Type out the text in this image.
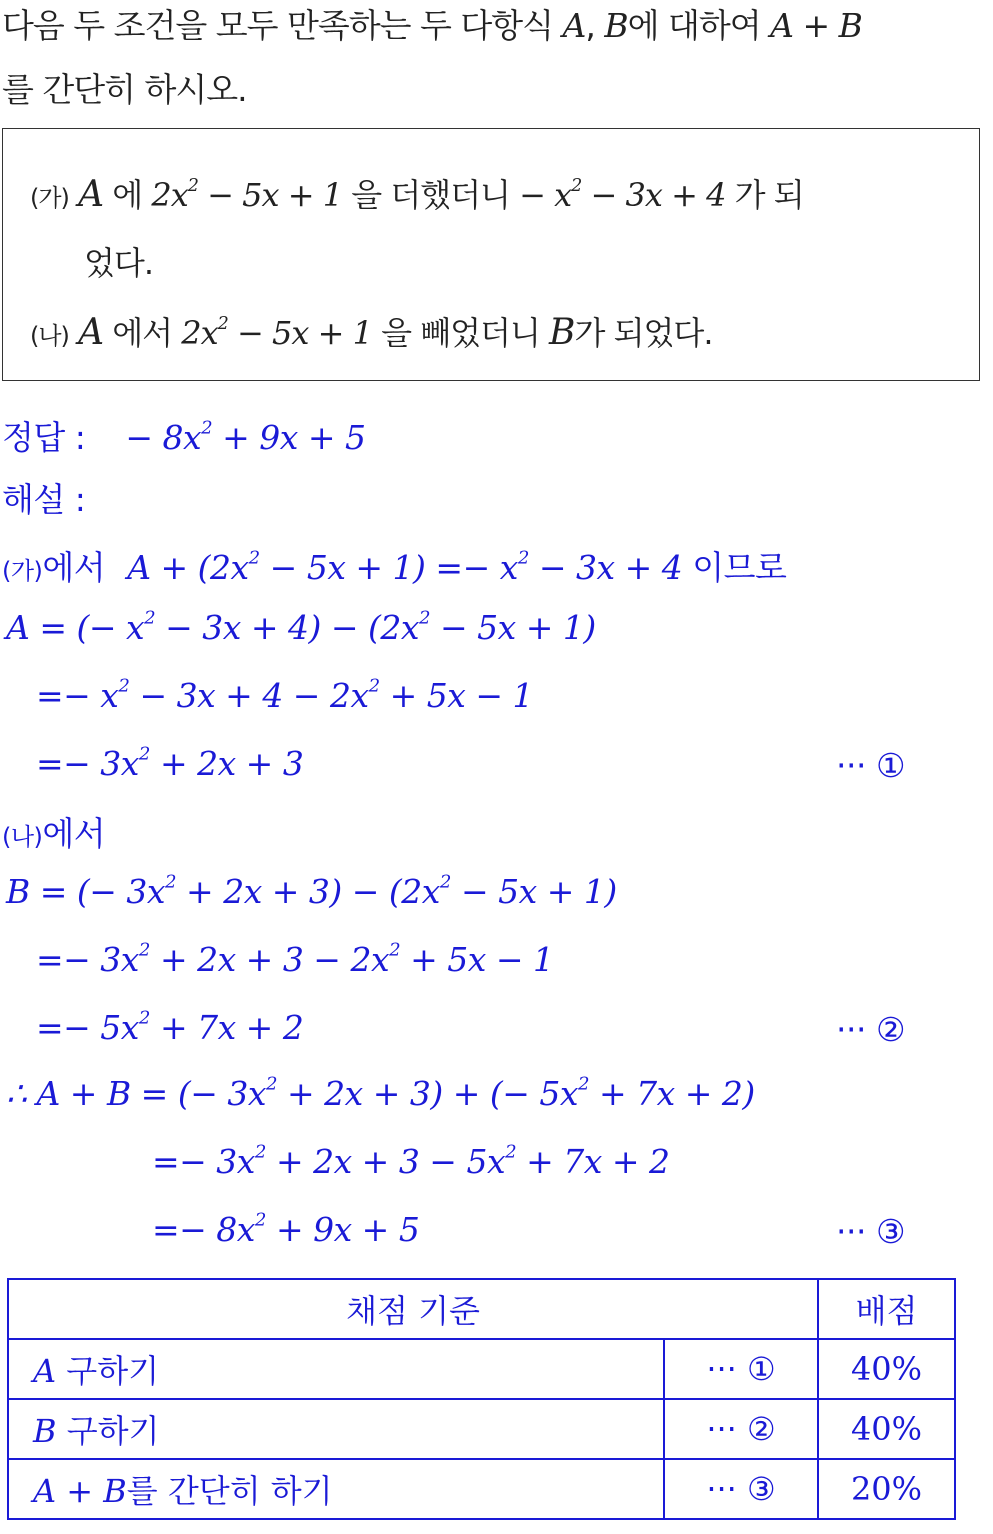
다음 두 조건을 모두 만족하는 두 다항식 A, B에 대하여 A + B
를 간단히 하시오.
(가) A 에 $2x^2 - 5x + 1$ 을 더했더니 − $x^2 - 3x + 4$ 가 되
었다.
(나) A 에서 $2x^2 - 5x + 1$ 을 빼었더니 B가 되었다.
정답 : − $8x^2 + 9x + 5$
해설 :
(가)에서 $A + (2x^2 - 5x + 1) =- x^2 - 3x + 4$ 이므로
A = (− $x^2 - 3x + 4) - (2x^2 - 5x + 1)$
=− $x^2 - 3x + 4 - 2x^2 + 5x - 1$
=− $3x^2 + 2x + 3$	··· ①
(나)에서
B = (− $3x^2 + 2x + 3) - (2x^2 - 5x + 1)$
=− $3x^2 + 2x + 3 - 2x^2 + 5x - 1$
=− $5x^2 + 7x + 2$	··· ②
∴ A + B = (− $3x^2 + 2x + 3$) + (− $5x^2 + 7x + 2$)
=− $3x^2 + 2x + 3 - 5x^2 + 7x + 2$
=− $8x^2 + 9x + 5$	··· ③
채점 기준		배점
A 구하기	··· ①	40%
B 구하기	··· ②	40%
A + B를 간단히 하기	··· ③	20%
